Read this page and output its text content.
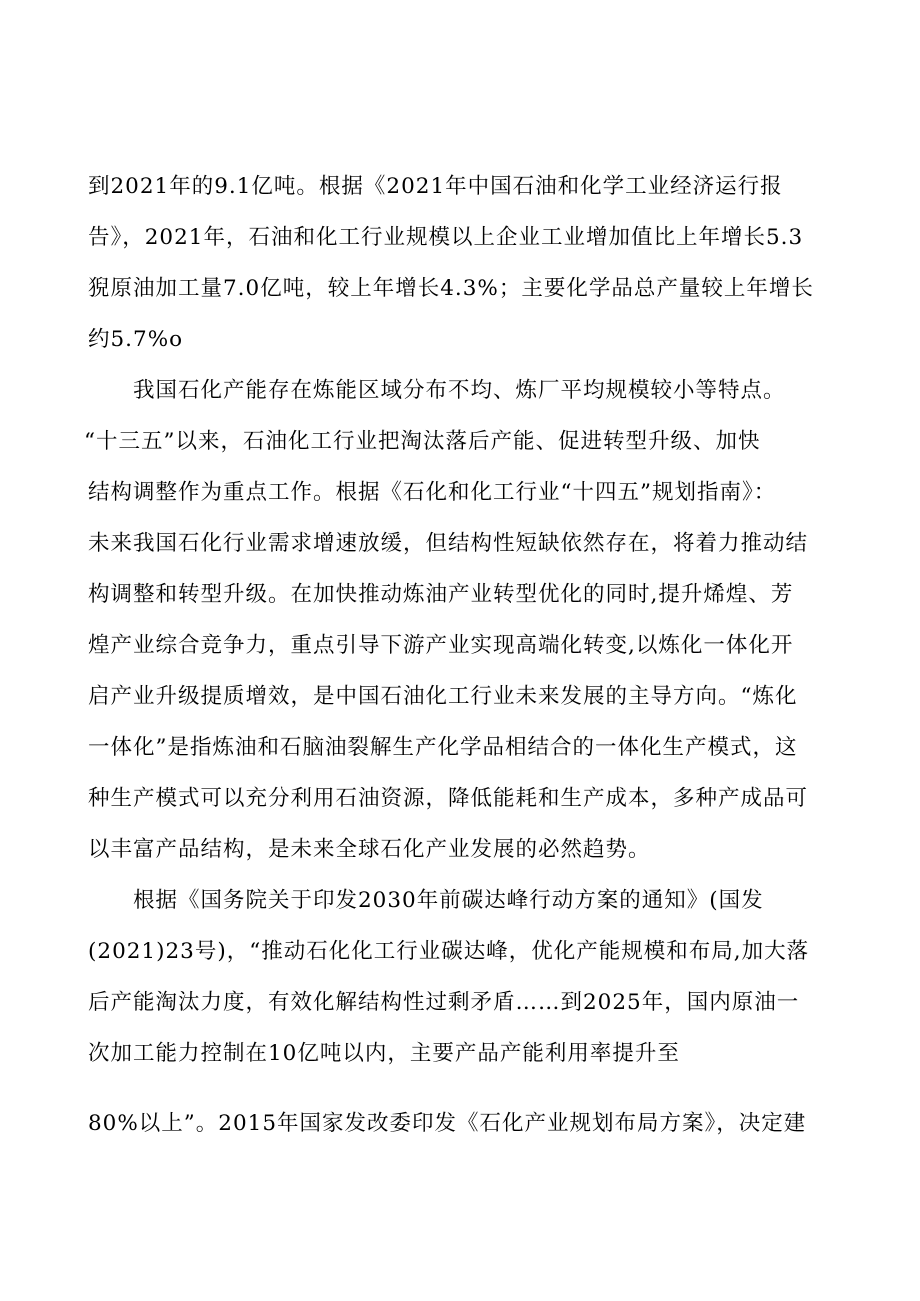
到2021年的9.1亿吨。根据《2021年中国石油和化学工业经济运行报
告》，2021年，石油和化工行业规模以上企业工业增加值比上年增长5.3
猊原油加工量7.0亿吨，较上年增长4.3%；主要化学品总产量较上年增长
约5.7%o
我国石化产能存在炼能区域分布不均、炼厂平均规模较小等特点。
“十三五”以来，石油化工行业把淘汰落后产能、促进转型升级、加快
结构调整作为重点工作。根据《石化和化工行业“十四五”规划指南》：
未来我国石化行业需求增速放缓，但结构性短缺依然存在，将着力推动结
构调整和转型升级。在加快推动炼油产业转型优化的同时,提升烯煌、芳
煌产业综合竞争力，重点引导下游产业实现高端化转变,以炼化一体化开
启产业升级提质增效，是中国石油化工行业未来发展的主导方向。“炼化
一体化”是指炼油和石脑油裂解生产化学品相结合的一体化生产模式，这
种生产模式可以充分利用石油资源，降低能耗和生产成本，多种产成品可
以丰富产品结构，是未来全球石化产业发展的必然趋势。
根据《国务院关于印发2030年前碳达峰行动方案的通知》(国发
(2021)23号)，“推动石化化工行业碳达峰，优化产能规模和布局,加大落
后产能淘汰力度，有效化解结构性过剩矛盾……到2025年，国内原油一
次加工能力控制在10亿吨以内，主要产品产能利用率提升至
80%以上”。2015年国家发改委印发《石化产业规划布局方案》，决定建
